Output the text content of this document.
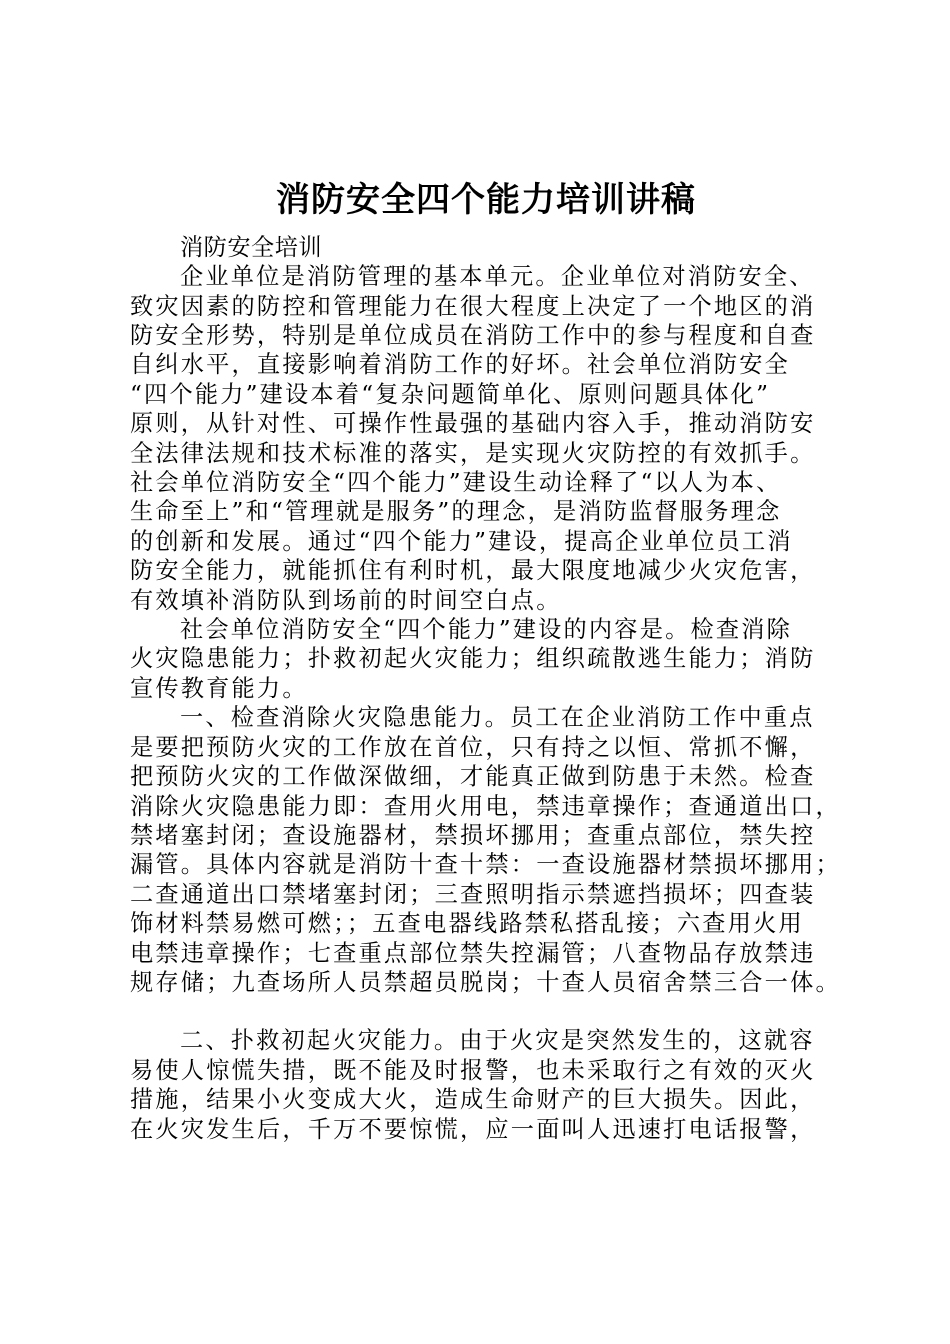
消防安全四个能力培训讲稿
消防安全培训
企业单位是消防管理的基本单元。企业单位对消防安全、
致灾因素的防控和管理能力在很大程度上决定了一个地区的消
防安全形势，特别是单位成员在消防工作中的参与程度和自查
自纠水平，直接影响着消防工作的好坏。社会单位消防安全
“四个能力”建设本着“复杂问题简单化、原则问题具体化”
原则，从针对性、可操作性最强的基础内容入手，推动消防安
全法律法规和技术标准的落实，是实现火灾防控的有效抓手。
社会单位消防安全“四个能力”建设生动诠释了“以人为本、
生命至上”和“管理就是服务”的理念，是消防监督服务理念
的创新和发展。通过“四个能力”建设，提高企业单位员工消
防安全能力，就能抓住有利时机，最大限度地减少火灾危害，
有效填补消防队到场前的时间空白点。
社会单位消防安全“四个能力”建设的内容是。检查消除
火灾隐患能力；扑救初起火灾能力；组织疏散逃生能力；消防
宣传教育能力。
一、检查消除火灾隐患能力。员工在企业消防工作中重点
是要把预防火灾的工作放在首位，只有持之以恒、常抓不懈，
把预防火灾的工作做深做细，才能真正做到防患于未然。检查
消除火灾隐患能力即：查用火用电，禁违章操作；查通道出口，
禁堵塞封闭；查设施器材，禁损坏挪用；查重点部位，禁失控
漏管。具体内容就是消防十查十禁：一查设施器材禁损坏挪用；
二查通道出口禁堵塞封闭；三查照明指示禁遮挡损坏；四查装
饰材料禁易燃可燃；；五查电器线路禁私搭乱接；六查用火用
电禁违章操作；七查重点部位禁失控漏管；八查物品存放禁违
规存储；九查场所人员禁超员脱岗；十查人员宿舍禁三合一体。
二、扑救初起火灾能力。由于火灾是突然发生的，这就容
易使人惊慌失措，既不能及时报警，也未采取行之有效的灭火
措施，结果小火变成大火，造成生命财产的巨大损失。因此，
在火灾发生后，千万不要惊慌，应一面叫人迅速打电话报警，
